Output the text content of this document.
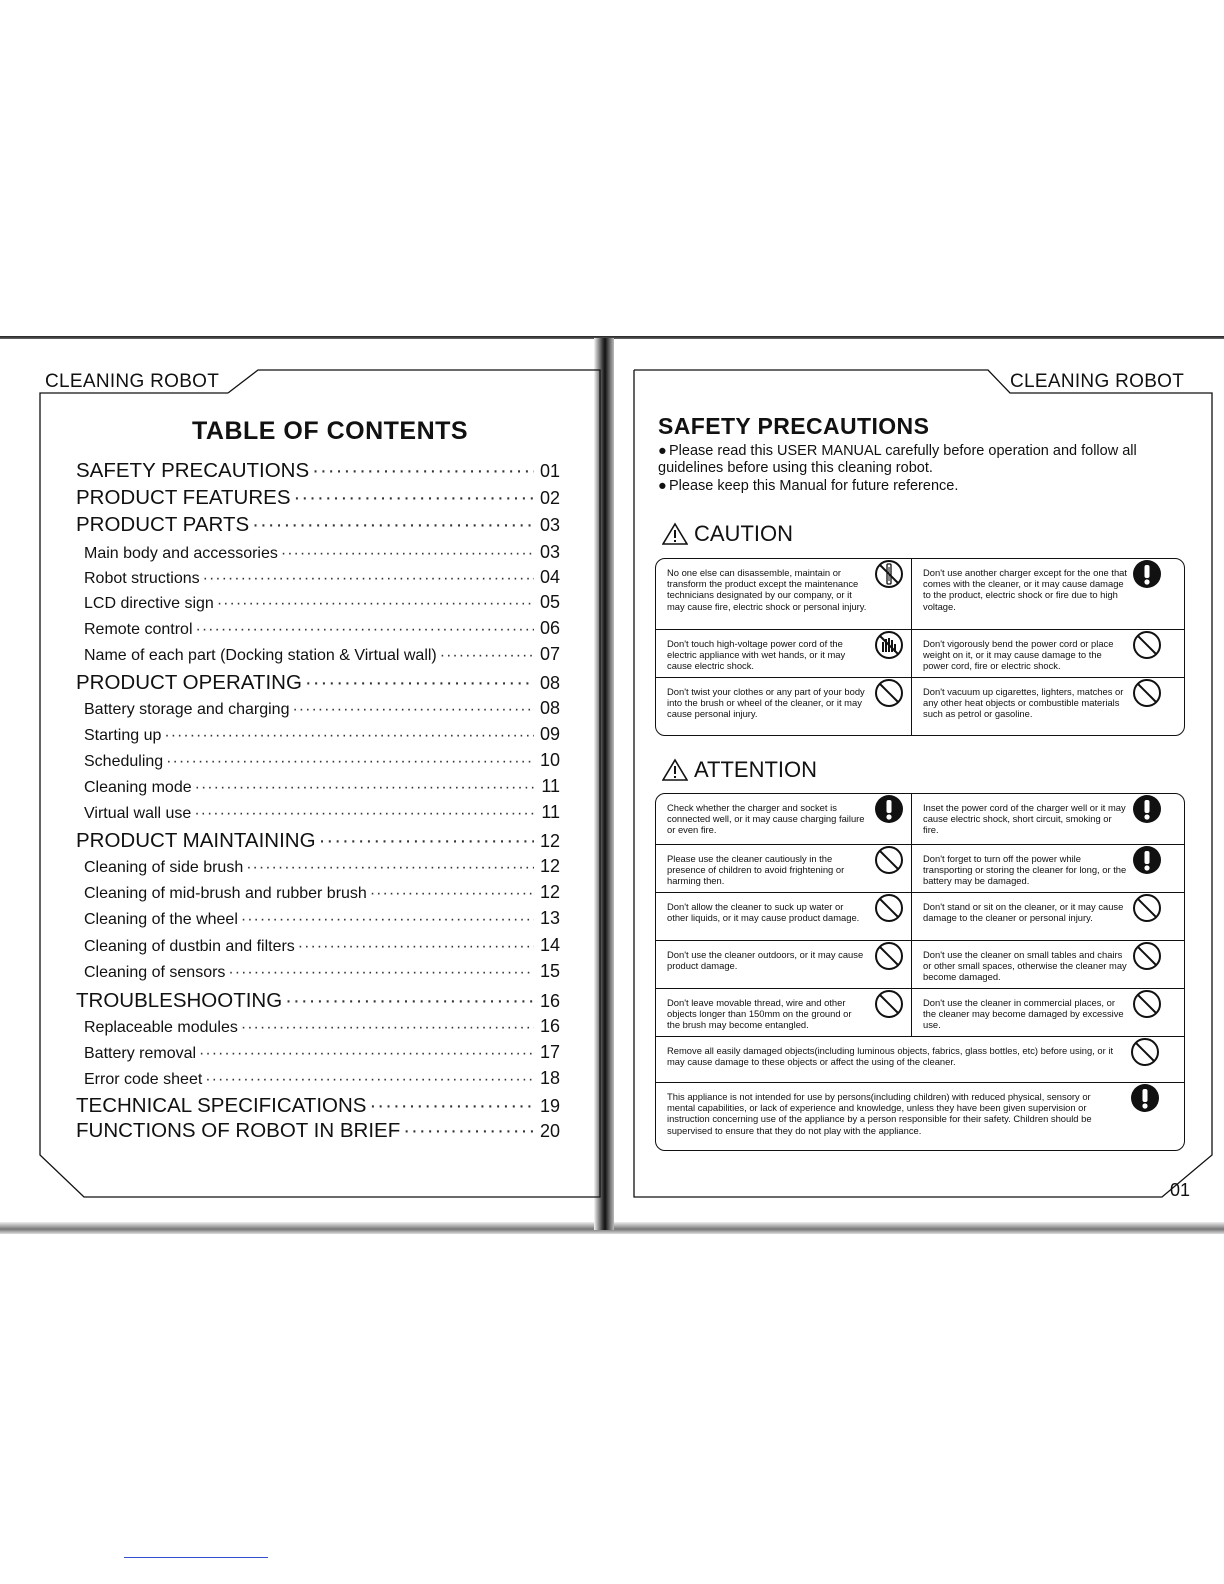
CLEANING ROBOT
TABLE OF CONTENTS
SAFETY PRECAUTIONS ·····	01
PRODUCT FEATURES ·····	02
PRODUCT PARTS ·····	03
Main body and accessories ·····	03
Robot structions ·····	04
LCD directive sign ·····	05
Remote control ·····	06
Name of each part (Docking station & Virtual wall) ·····	07
PRODUCT OPERATING ·····	08
Battery storage and charging ·····	08
Starting up ·····	09
Scheduling ·····	10
Cleaning mode ·····	11
Virtual wall use ·····	11
PRODUCT MAINTAINING ·····	12
Cleaning of side brush ·····	12
Cleaning of mid-brush and rubber brush ·····	12
Cleaning of the wheel ·····	13
Cleaning of dustbin and filters ·····	14
Cleaning of sensors ·····	15
TROUBLESHOOTING ·····	16
Replaceable modules ·····	16
Battery removal ·····	17
Error code sheet ·····	18
TECHNICAL SPECIFICATIONS ·····	19
FUNCTIONS OF ROBOT IN BRIEF ·····	20
CLEANING ROBOT
SAFETY PRECAUTIONS
● Please read this USER MANUAL carefully before operation and follow all guidelines before using this cleaning robot.
● Please keep this Manual for future reference.
CAUTION
No one else can disassemble, maintain or transform the product except the maintenance technicians designated by our company, or it may cause fire, electric shock or personal injury.
Don't use another charger except for the one that comes with the cleaner, or it may cause damage to the product, electric shock or fire due to high voltage.
Don't touch high-voltage power cord of the electric appliance with wet hands, or it may cause electric shock.
Don't vigorously bend the power cord or place weight on it, or it may cause damage to the power cord, fire or electric shock.
Don't twist your clothes or any part of your body into the brush or wheel of the cleaner, or it may cause personal injury.
Don't vacuum up cigarettes, lighters, matches or any other heat objects or combustible materials such as petrol or gasoline.
ATTENTION
Check whether the charger and socket is connected well, or it may cause charging failure or even fire.
Inset the power cord of the charger well or it may cause electric shock, short circuit, smoking or fire.
Please use the cleaner cautiously in the presence of children to avoid frightening or harming then.
Don't forget to turn off the power while transporting or storing the cleaner for long, or the battery may be damaged.
Don't allow the cleaner to suck up water or other liquids, or it may cause product damage.
Don't stand or sit on the cleaner, or it may cause damage to the cleaner or personal injury.
Don't use the cleaner outdoors, or it may cause product damage.
Don't use the cleaner on small tables and chairs or other small spaces, otherwise the cleaner may become damaged.
Don't leave movable thread, wire and other objects longer than 150mm on the ground or the brush may become entangled.
Don't use the cleaner in commercial places, or the cleaner may become damaged by excessive use.
Remove all easily damaged objects(including luminous objects, fabrics, glass bottles, etc) before using, or it may cause damage to these objects or affect the using of the cleaner.
This appliance is not intended for use by persons(including children) with reduced physical, sensory or mental capabilities, or lack of experience and knowledge, unless they have been given supervision or instruction concerning use of the appliance by a person responsible for their safety. Children should be supervised to ensure that they do not play with the appliance.
01
